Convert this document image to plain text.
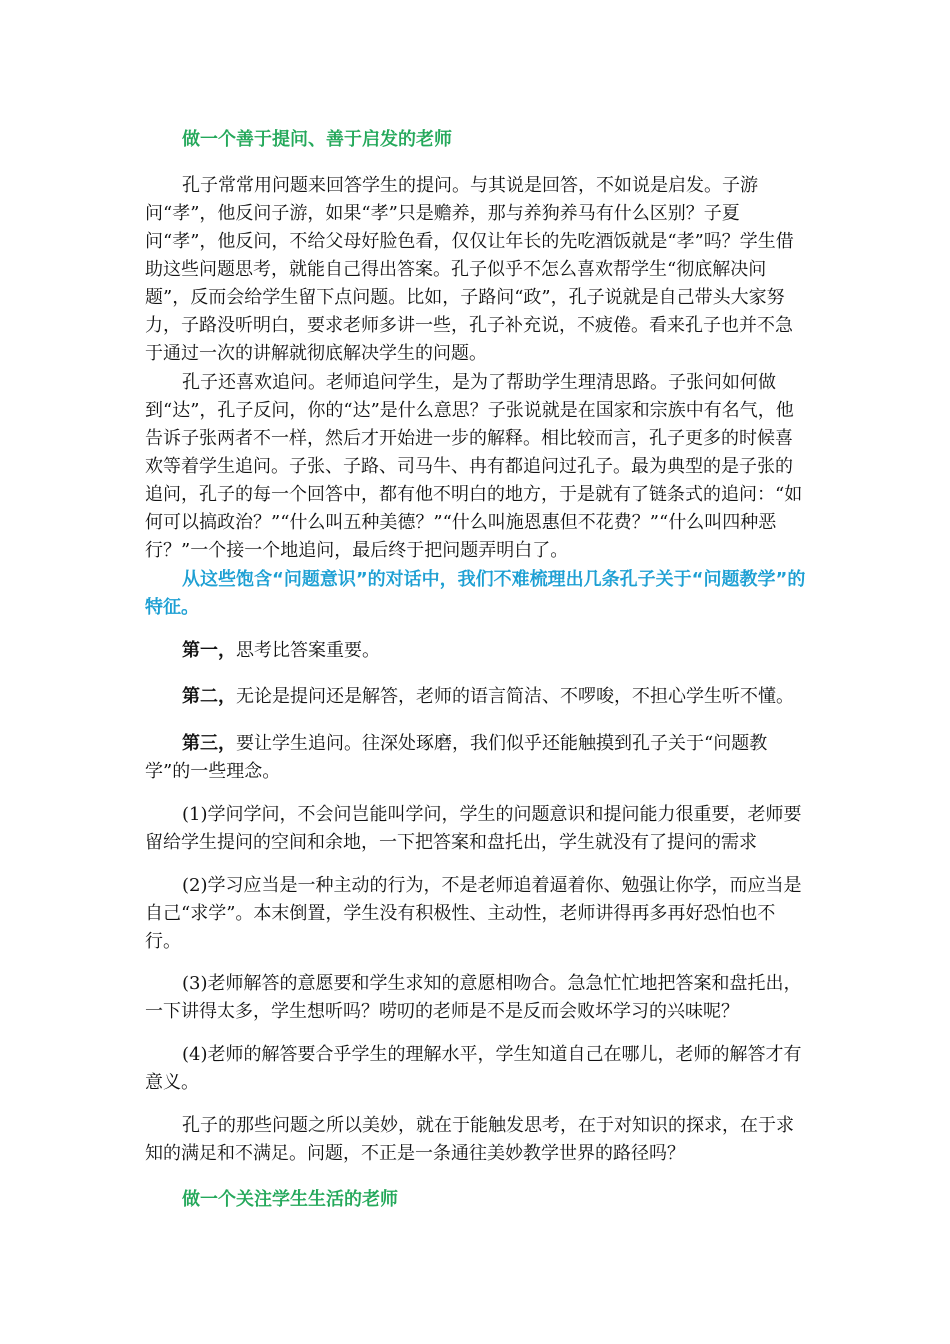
做一个善于提问、善于启发的老师

孔子常常用问题来回答学生的提问。与其说是回答，不如说是启发。子游问“孝”，他反问子游，如果“孝”只是赡养，那与养狗养马有什么区别？子夏问“孝”，他反问，不给父母好脸色看，仅仅让年长的先吃酒饭就是“孝”吗？学生借助这些问题思考，就能自己得出答案。孔子似乎不怎么喜欢帮学生“彻底解决问题”，反而会给学生留下点问题。比如，子路问“政”，孔子说就是自己带头大家努力，子路没听明白，要求老师多讲一些，孔子补充说，不疲倦。看来孔子也并不急于通过一次的讲解就彻底解决学生的问题。

孔子还喜欢追问。老师追问学生，是为了帮助学生理清思路。子张问如何做到“达”，孔子反问，你的“达”是什么意思？子张说就是在国家和宗族中有名气，他告诉子张两者不一样，然后才开始进一步的解释。相比较而言，孔子更多的时候喜欢等着学生追问。子张、子路、司马牛、冉有都追问过孔子。最为典型的是子张的追问，孔子的每一个回答中，都有他不明白的地方，于是就有了链条式的追问：“如何可以搞政治？”“什么叫五种美德？”“什么叫施恩惠但不花费？”“什么叫四种恶行？”一个接一个地追问，最后终于把问题弄明白了。

从这些饱含“问题意识”的对话中，我们不难梳理出几条孔子关于“问题教学”的特征。

第一，思考比答案重要。

第二，无论是提问还是解答，老师的语言简洁、不啰唆，不担心学生听不懂。

第三，要让学生追问。往深处琢磨，我们似乎还能触摸到孔子关于“问题教学”的一些理念。

(1)学问学问，不会问岂能叫学问，学生的问题意识和提问能力很重要，老师要留给学生提问的空间和余地，一下把答案和盘托出，学生就没有了提问的需求

(2)学习应当是一种主动的行为，不是老师追着逼着你、勉强让你学，而应当是自己“求学”。本末倒置，学生没有积极性、主动性，老师讲得再多再好恐怕也不行。

(3)老师解答的意愿要和学生求知的意愿相吻合。急急忙忙地把答案和盘托出，一下讲得太多，学生想听吗？唠叨的老师是不是反而会败坏学习的兴味呢？

(4)老师的解答要合乎学生的理解水平，学生知道自己在哪儿，老师的解答才有意义。

孔子的那些问题之所以美妙，就在于能触发思考，在于对知识的探求，在于求知的满足和不满足。问题，不正是一条通往美妙教学世界的路径吗？

做一个关注学生生活的老师
